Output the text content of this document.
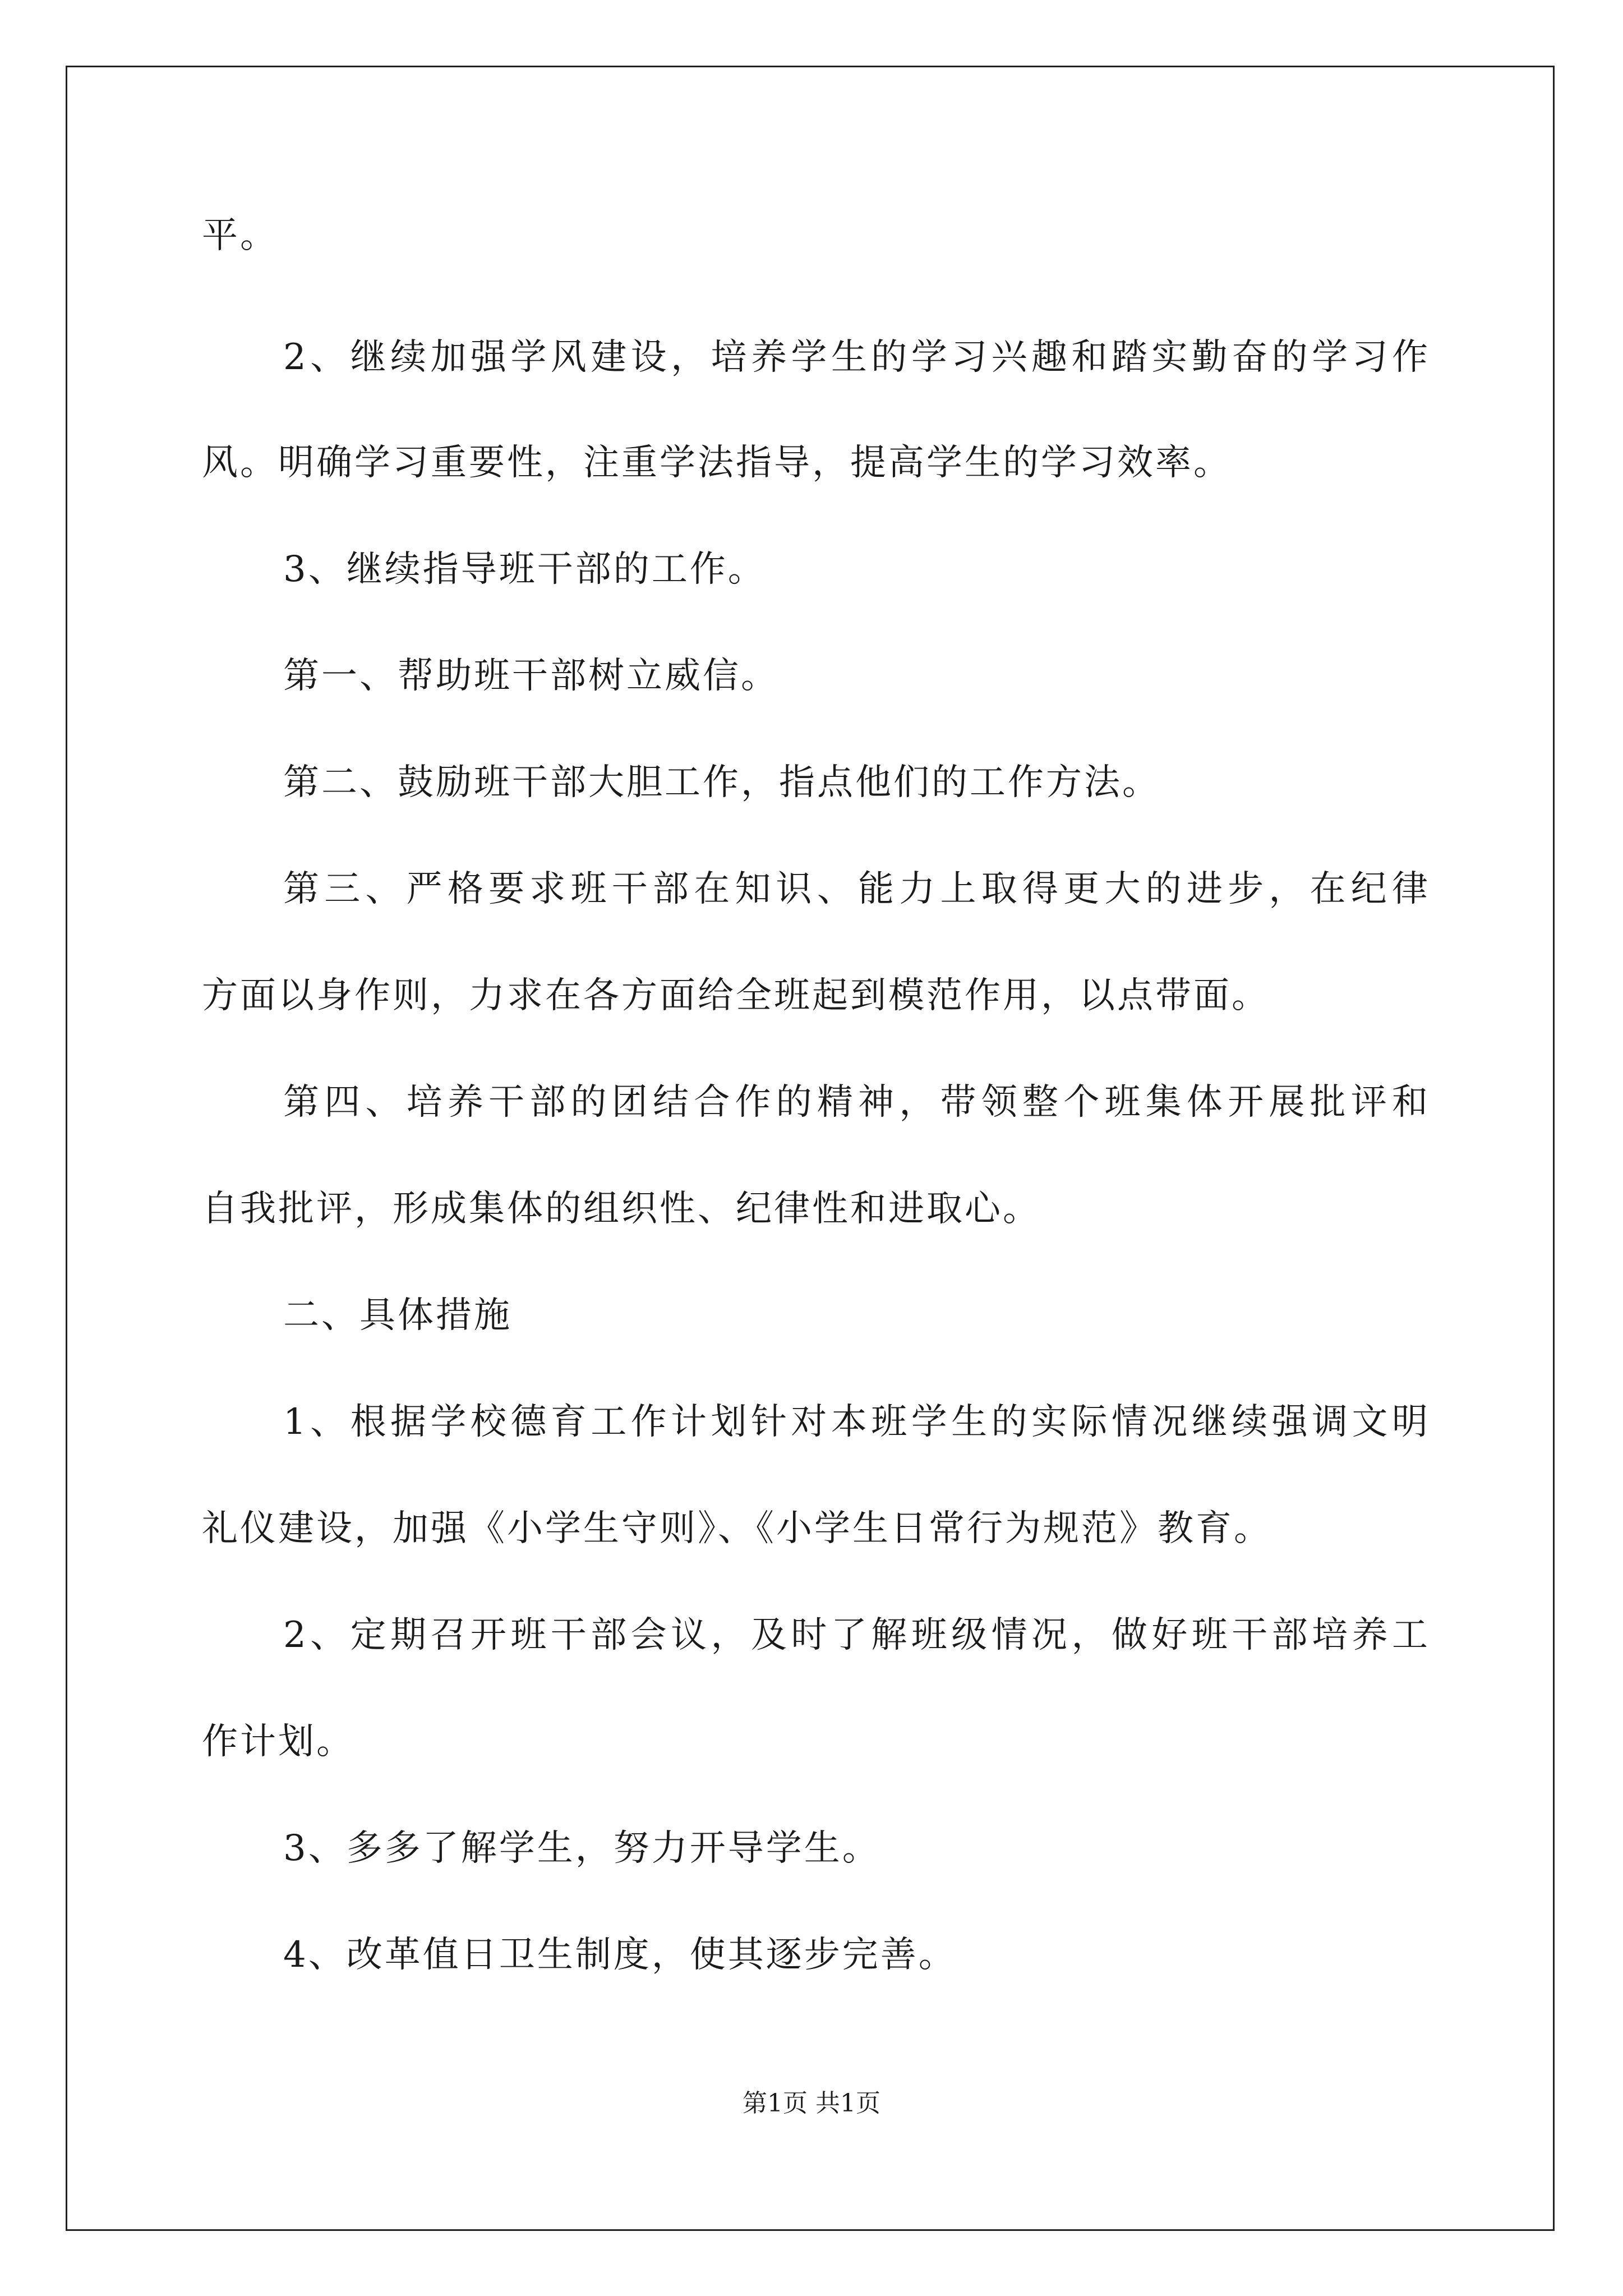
平。
2、继续加强学风建设，培养学生的学习兴趣和踏实勤奋的学习作
风。明确学习重要性，注重学法指导，提高学生的学习效率。
3、继续指导班干部的工作。
第一、帮助班干部树立威信。
第二、鼓励班干部大胆工作，指点他们的工作方法。
第三、严格要求班干部在知识、能力上取得更大的进步，在纪律
方面以身作则，力求在各方面给全班起到模范作用，以点带面。
第四、培养干部的团结合作的精神，带领整个班集体开展批评和
自我批评，形成集体的组织性、纪律性和进取心。
二、具体措施
1、根据学校德育工作计划针对本班学生的实际情况继续强调文明
礼仪建设，加强《小学生守则》、《小学生日常行为规范》教育。
2、定期召开班干部会议，及时了解班级情况，做好班干部培养工
作计划。
3、多多了解学生，努力开导学生。
4、改革值日卫生制度，使其逐步完善。
第1页 共1页
